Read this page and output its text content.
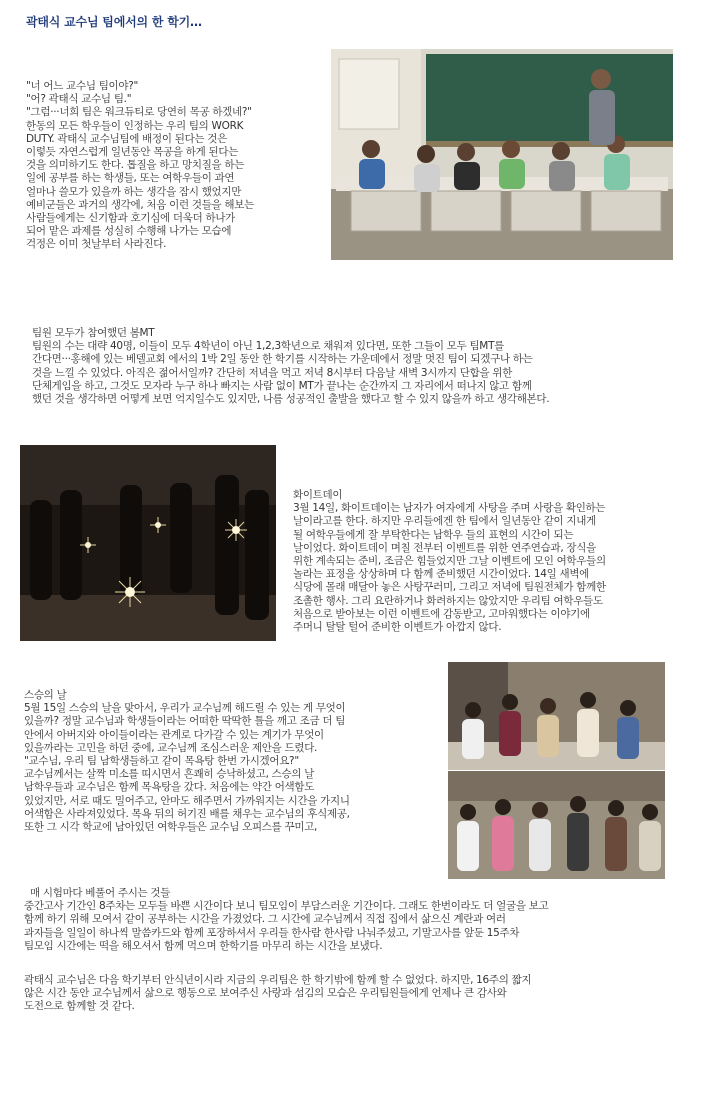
곽태식 교수님 팀에서의 한 학기…
"너 어느 교수님 팀이야?"
"어? 곽태식 교수님 팀."
"그럼···너희 팀은 워크듀티로 당연히 목공 하겠네?"
한동의 모든 학우들이 인정하는 우리 팀의 WORK
DUTY. 곽태식 교수님팀에 배정이 된다는 것은
이렇듯 자연스럽게 일년동안 목공을 하게 된다는
것을 의미하기도 한다. 톱질을 하고 망치질을 하는
일에 공부를 하는 학생들, 또는 여학우들이 과연
얼마나 쓸모가 있을까 하는 생각을 잠시 했었지만
예비군들은 과거의 생각에, 처음 이런 것들을 해보는
사람들에게는 신기함과 호기심에 더욱더 하나가
되어 맡은 과제를 성실히 수행해 나가는 모습에
걱정은 이미 첫날부터 사라진다.
팀원 모두가 참여했던 봄MT
팀원의 수는 대략 40명, 이들이 모두 4학년이 아닌 1,2,3학년으로 채워져 있다면, 또한 그들이 모두 팀MT를
간다면···홍해에 있는 베델교회 에서의 1박 2일 동안 한 학기를 시작하는 가운데에서 정말 멋진 팀이 되겠구나 하는
것을 느낄 수 있었다. 아직은 젊어서일까? 간단히 저녁을 먹고 저녁 8시부터 다음날 새벽 3시까지 단합을 위한
단체게임을 하고, 그것도 모자라 누구 하나 빠지는 사람 없이 MT가 끝나는 순간까지 그 자리에서 떠나지 않고 함께
했던 것을 생각하면 어떻게 보면 억지일수도 있지만, 나름 성공적인 출발을 했다고 할 수 있지 않을까 하고 생각해본다.
화이트데이
3월 14일, 화이트데이는 남자가 여자에게 사탕을 주며 사랑을 확인하는
날이라고를 한다. 하지만 우리들에겐 한 팀에서 일년동안 같이 지내게
될 여학우들에게 잘 부탁한다는 남학우 들의 표현의 시간이 되는
날이었다. 화이트데이 며칠 전부터 이벤트를 위한 연주연습과, 장식을
위한 계속되는 준비, 조금은 힘들었지만 그날 이벤트에 모인 여학우들의
놀라는 표정을 상상하며 다 함께 준비했던 시간이었다. 14일 새벽에
식당에 몰래 매달아 놓은 사탕꾸러미, 그리고 저녁에 팀원전체가 함께한
조촐한 행사. 그리 요란하거나 화려하지는 않았지만 우리팀 여학우들도
처음으로 받아보는 이런 이벤트에 감동받고, 고마워했다는 이야기에
주머니 탈탈 털어 준비한 이벤트가 아깝지 않다.
스승의 날
5월 15일 스승의 날을 맞아서, 우리가 교수님께 해드릴 수 있는 게 무엇이
있을까? 정말 교수님과 학생들이라는 어떠한 딱딱한 틀을 깨고 조금 더 팀
안에서 아버지와 아이들이라는 관계로 다가갈 수 있는 계기가 무엇이
있을까라는 고민을 하던 중에, 교수님께 조심스러운 제안을 드렸다.
"교수님, 우리 팀 남학생들하고 같이 목욕탕 한번 가시겠어요?"
교수님께서는 살짝 미소를 띠시면서 흔쾌히 승낙하셨고, 스승의 날
남학우들과 교수님은 함께 목욕탕을 갔다. 처음에는 약간 어색함도
있었지만, 서로 때도 밀어주고, 안마도 해주면서 가까워지는 시간을 가지니
어색함은 사라져있었다. 목욕 뒤의 허기진 배를 채우는 교수님의 후식제공,
또한 그 시각 학교에 남아있던 여학우들은 교수님 오피스를 꾸미고,
매 시험마다 베풀어 주시는 것들
중간고사 기간인 8주차는 모두들 바쁜 시간이다 보니 팀모임이 부담스러운 기간이다. 그래도 한번이라도 더 얼굴을 보고
함께 하기 위해 모여서 같이 공부하는 시간을 가졌었다. 그 시간에 교수님께서 직접 집에서 삶으신 계란과 여러
과자들을 일일이 하나씩 말씀카드와 함께 포장하셔서 우리들 한사람 한사람 나눠주셨고, 기말고사를 앞둔 15주차
팀모임 시간에는 떡을 해오셔서 함께 먹으며 한학기를 마무리 하는 시간을 보냈다.
곽태식 교수님은 다음 학기부터 안식년이시라 지금의 우리팀은 한 학기밖에 함께 할 수 없었다. 하지만, 16주의 짧지
않은 시간 동안 교수님께서 삶으로 행동으로 보여주신 사랑과 섬김의 모습은 우리팀원들에게 언제나 큰 감사와
도전으로 함께할 것 같다.
